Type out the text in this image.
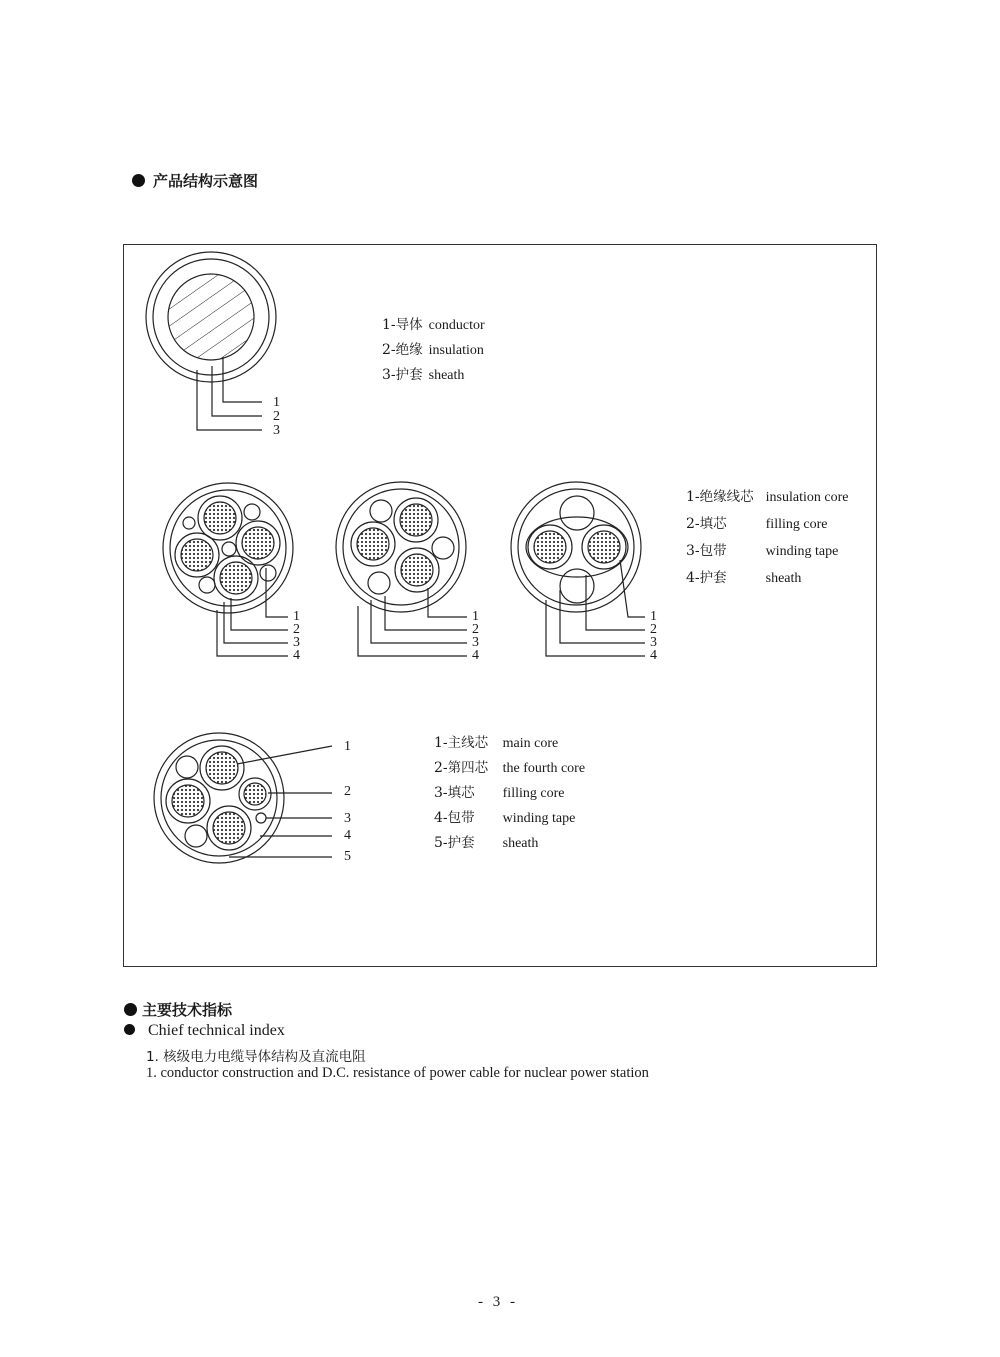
产品结构示意图
1
2
3
1-导体 conductor
2-绝缘 insulation
3-护套 sheath
1
2
3
4
1
2
3
4
1
2
3
4
1-绝缘线芯 insulation core
2-填芯	filling core
3-包带	winding tape
4-护套	sheath
1
2
3
4
5
1-主线芯 main core
2-第四芯 the fourth core
3-填芯 filling core
4-包带 winding tape
5-护套 sheath
主要技术指标
Chief technical index
1. 核级电力电缆导体结构及直流电阻
1. conductor construction and D.C. resistance of power cable for nuclear power station
- 3 -
